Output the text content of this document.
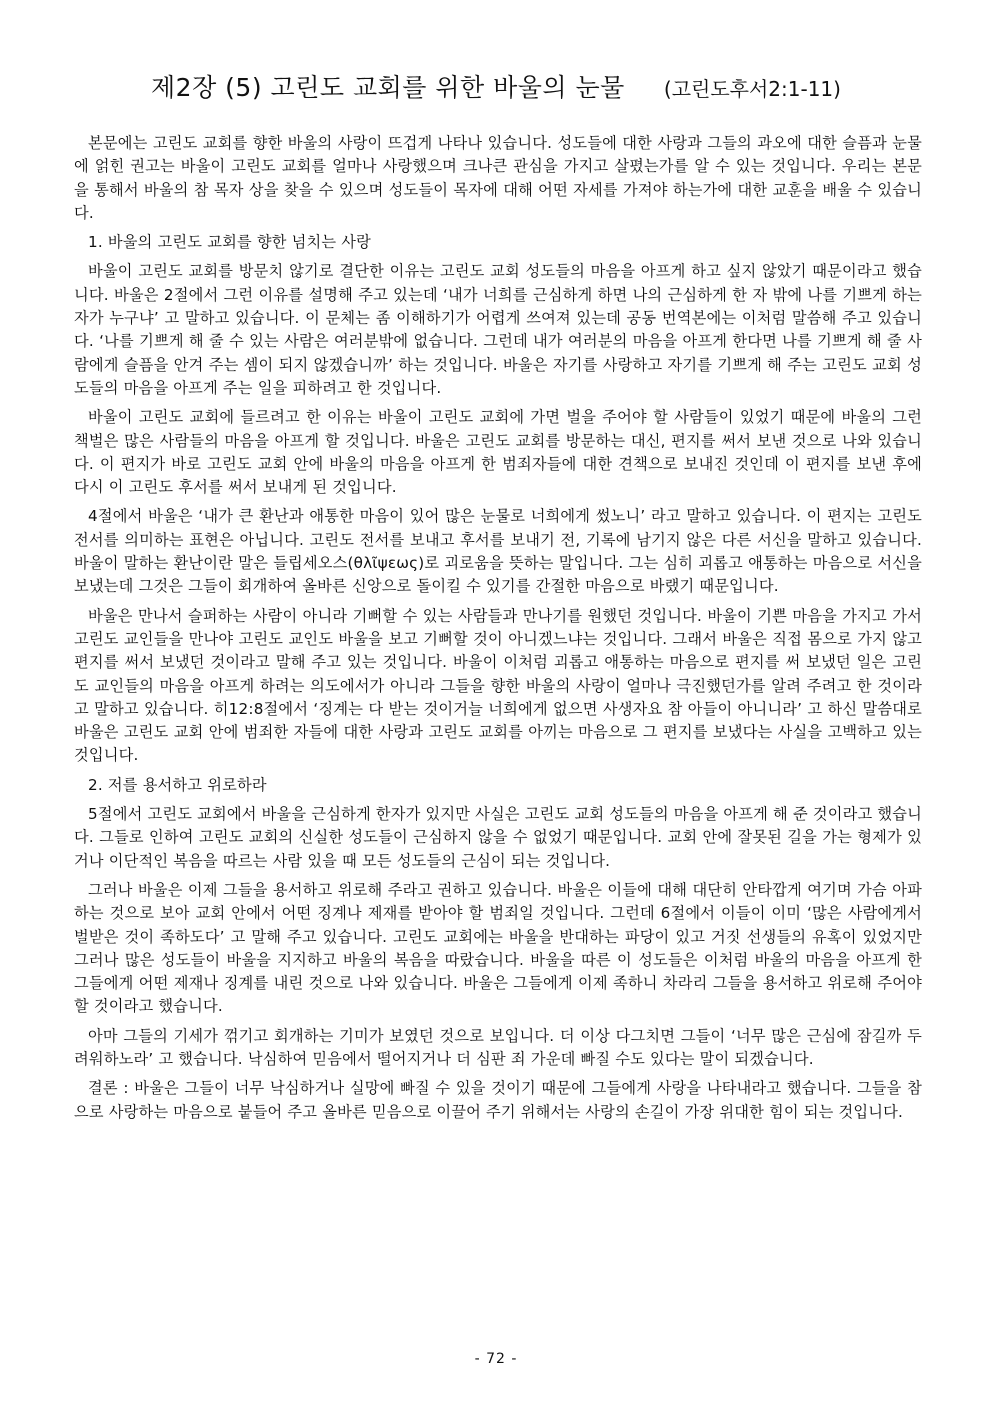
제2장 (5) 고린도 교회를 위한 바울의 눈물 (고린도후서2:1-11)

본문에는 고린도 교회를 향한 바울의 사랑이 뜨겁게 나타나 있습니다. 성도들에 대한 사랑과 그들의 과오에 대한 슬픔과 눈물에 얽힌 권고는 바울이 고린도 교회를 얼마나 사랑했으며 크나큰 관심을 가지고 살폈는가를 알 수 있는 것입니다. 우리는 본문을 통해서 바울의 참 목자 상을 찾을 수 있으며 성도들이 목자에 대해 어떤 자세를 가져야 하는가에 대한 교훈을 배울 수 있습니다.

1. 바울의 고린도 교회를 향한 넘치는 사랑

바울이 고린도 교회를 방문치 않기로 결단한 이유는 고린도 교회 성도들의 마음을 아프게 하고 싶지 않았기 때문이라고 했습니다. 바울은 2절에서 그런 이유를 설명해 주고 있는데 ‘내가 너희를 근심하게 하면 나의 근심하게 한 자 밖에 나를 기쁘게 하는 자가 누구냐’ 고 말하고 있습니다. 이 문체는 좀 이해하기가 어렵게 쓰여져 있는데 공동 번역본에는 이처럼 말씀해 주고 있습니다. ‘나를 기쁘게 해 줄 수 있는 사람은 여러분밖에 없습니다. 그런데 내가 여러분의 마음을 아프게 한다면 나를 기쁘게 해 줄 사람에게 슬픔을 안겨 주는 셈이 되지 않겠습니까’ 하는 것입니다. 바울은 자기를 사랑하고 자기를 기쁘게 해 주는 고린도 교회 성도들의 마음을 아프게 주는 일을 피하려고 한 것입니다.

바울이 고린도 교회에 들르려고 한 이유는 바울이 고린도 교회에 가면 벌을 주어야 할 사람들이 있었기 때문에 바울의 그런 책벌은 많은 사람들의 마음을 아프게 할 것입니다. 바울은 고린도 교회를 방문하는 대신, 편지를 써서 보낸 것으로 나와 있습니다. 이 편지가 바로 고린도 교회 안에 바울의 마음을 아프게 한 범죄자들에 대한 견책으로 보내진 것인데 이 편지를 보낸 후에 다시 이 고린도 후서를 써서 보내게 된 것입니다.

4절에서 바울은 ‘내가 큰 환난과 애통한 마음이 있어 많은 눈물로 너희에게 썼노니’ 라고 말하고 있습니다. 이 편지는 고린도 전서를 의미하는 표현은 아닙니다. 고린도 전서를 보내고 후서를 보내기 전, 기록에 남기지 않은 다른 서신을 말하고 있습니다. 바울이 말하는 환난이란 말은 들립세오스(θλῖψεως)로 괴로움을 뜻하는 말입니다. 그는 심히 괴롭고 애통하는 마음으로 서신을 보냈는데 그것은 그들이 회개하여 올바른 신앙으로 돌이킬 수 있기를 간절한 마음으로 바랬기 때문입니다.

바울은 만나서 슬퍼하는 사람이 아니라 기뻐할 수 있는 사람들과 만나기를 원했던 것입니다. 바울이 기쁜 마음을 가지고 가서 고린도 교인들을 만나야 고린도 교인도 바울을 보고 기뻐할 것이 아니겠느냐는 것입니다. 그래서 바울은 직접 몸으로 가지 않고 편지를 써서 보냈던 것이라고 말해 주고 있는 것입니다. 바울이 이처럼 괴롭고 애통하는 마음으로 편지를 써 보냈던 일은 고린도 교인들의 마음을 아프게 하려는 의도에서가 아니라 그들을 향한 바울의 사랑이 얼마나 극진했던가를 알려 주려고 한 것이라고 말하고 있습니다. 히12:8절에서 ‘징계는 다 받는 것이거늘 너희에게 없으면 사생자요 참 아들이 아니니라’ 고 하신 말씀대로 바울은 고린도 교회 안에 범죄한 자들에 대한 사랑과 고린도 교회를 아끼는 마음으로 그 편지를 보냈다는 사실을 고백하고 있는 것입니다.

2. 저를 용서하고 위로하라

5절에서 고린도 교회에서 바울을 근심하게 한자가 있지만 사실은 고린도 교회 성도들의 마음을 아프게 해 준 것이라고 했습니다. 그들로 인하여 고린도 교회의 신실한 성도들이 근심하지 않을 수 없었기 때문입니다. 교회 안에 잘못된 길을 가는 형제가 있거나 이단적인 복음을 따르는 사람 있을 때 모든 성도들의 근심이 되는 것입니다.

그러나 바울은 이제 그들을 용서하고 위로해 주라고 권하고 있습니다. 바울은 이들에 대해 대단히 안타깝게 여기며 가슴 아파하는 것으로 보아 교회 안에서 어떤 징계나 제재를 받아야 할 범죄일 것입니다. 그런데 6절에서 이들이 이미 ‘많은 사람에게서 벌받은 것이 족하도다’ 고 말해 주고 있습니다. 고린도 교회에는 바울을 반대하는 파당이 있고 거짓 선생들의 유혹이 있었지만 그러나 많은 성도들이 바울을 지지하고 바울의 복음을 따랐습니다. 바울을 따른 이 성도들은 이처럼 바울의 마음을 아프게 한 그들에게 어떤 제재나 징계를 내린 것으로 나와 있습니다. 바울은 그들에게 이제 족하니 차라리 그들을 용서하고 위로해 주어야 할 것이라고 했습니다.

아마 그들의 기세가 꺾기고 회개하는 기미가 보였던 것으로 보입니다. 더 이상 다그치면 그들이 ‘너무 많은 근심에 잠길까 두려워하노라’ 고 했습니다. 낙심하여 믿음에서 떨어지거나 더 심판 죄 가운데 빠질 수도 있다는 말이 되겠습니다.

결론 : 바울은 그들이 너무 낙심하거나 실망에 빠질 수 있을 것이기 때문에 그들에게 사랑을 나타내라고 했습니다. 그들을 참으로 사랑하는 마음으로 붙들어 주고 올바른 믿음으로 이끌어 주기 위해서는 사랑의 손길이 가장 위대한 힘이 되는 것입니다.

- 72 -
